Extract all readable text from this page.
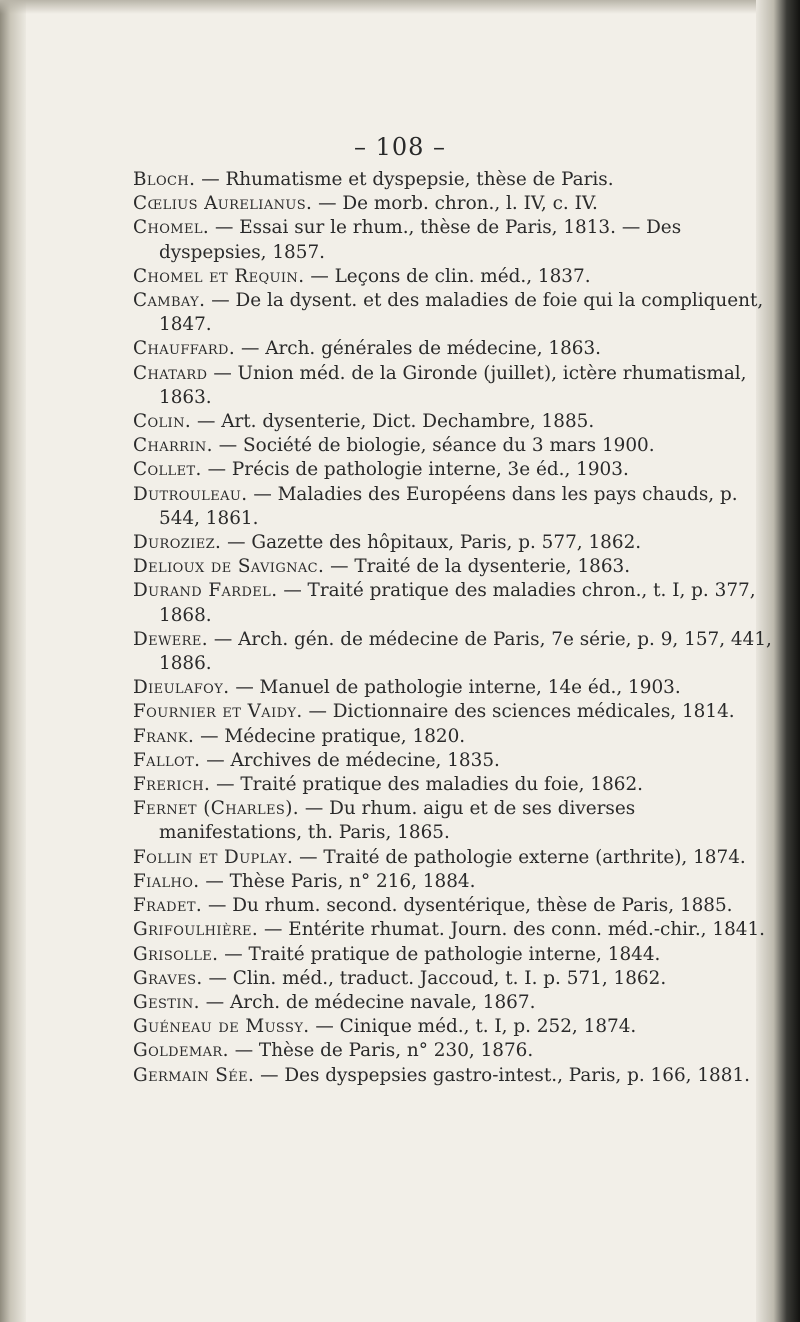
– 108 –
Bloch. — Rhumatisme et dyspepsie, thèse de Paris.
Cœlius Aurelianus. — De morb. chron., l. IV, c. IV.
Chomel. — Essai sur le rhum., thèse de Paris, 1813. — Des dyspepsies, 1857.
Chomel et Requin. — Leçons de clin. méd., 1837.
Cambay. — De la dysent. et des maladies de foie qui la compliquent, 1847.
Chauffard. — Arch. générales de médecine, 1863.
Chatard — Union méd. de la Gironde (juillet), ictère rhumatismal, 1863.
Colin. — Art. dysenterie, Dict. Dechambre, 1885.
Charrin. — Société de biologie, séance du 3 mars 1900.
Collet. — Précis de pathologie interne, 3e éd., 1903.
Dutrouleau. — Maladies des Européens dans les pays chauds, p. 544, 1861.
Duroziez. — Gazette des hôpitaux, Paris, p. 577, 1862.
Delioux de Savignac. — Traité de la dysenterie, 1863.
Durand Fardel. — Traité pratique des maladies chron., t. I, p. 377, 1868.
Dewere. — Arch. gén. de médecine de Paris, 7e série, p. 9, 157, 441, 1886.
Dieulafoy. — Manuel de pathologie interne, 14e éd., 1903.
Fournier et Vaidy. — Dictionnaire des sciences médicales, 1814.
Frank. — Médecine pratique, 1820.
Fallot. — Archives de médecine, 1835.
Frerich. — Traité pratique des maladies du foie, 1862.
Fernet (Charles). — Du rhum. aigu et de ses diverses manifestations, th. Paris, 1865.
Follin et Duplay. — Traité de pathologie externe (arthrite), 1874.
Fialho. — Thèse Paris, n° 216, 1884.
Fradet. — Du rhum. second. dysentérique, thèse de Paris, 1885.
Grifoulhière. — Entérite rhumat. Journ. des conn. méd.-chir., 1841.
Grisolle. — Traité pratique de pathologie interne, 1844.
Graves. — Clin. méd., traduct. Jaccoud, t. I. p. 571, 1862.
Gestin. — Arch. de médecine navale, 1867.
Guéneau de Mussy. — Cinique méd., t. I, p. 252, 1874.
Goldemar. — Thèse de Paris, n° 230, 1876.
Germain Sée. — Des dyspepsies gastro-intest., Paris, p. 166, 1881.
